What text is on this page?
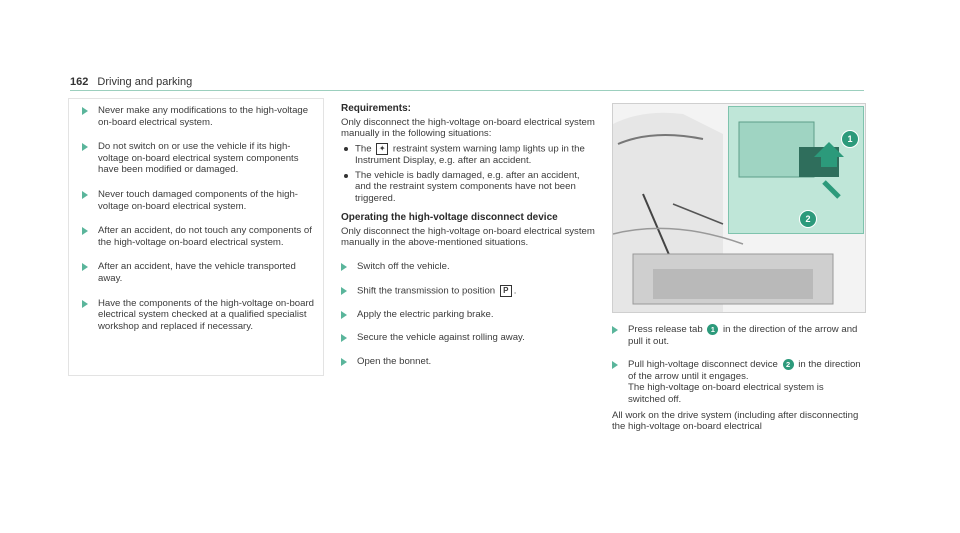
162 Driving and parking
Never make any modifications to the high-voltage on-board electrical system.
Do not switch on or use the vehicle if its high-voltage on-board electrical system components have been modified or damaged.
Never touch damaged components of the high-voltage on-board electrical system.
After an accident, do not touch any components of the high-voltage on-board electrical system.
After an accident, have the vehicle transported away.
Have the components of the high-voltage on-board electrical system checked at a qualified specialist workshop and replaced if necessary.
Requirements:
Only disconnect the high-voltage on-board electrical system manually in the following situations:
The ✦ restraint system warning lamp lights up in the Instrument Display, e.g. after an accident.
The vehicle is badly damaged, e.g. after an accident, and the restraint system components have not been triggered.
Operating the high-voltage disconnect device
Only disconnect the high-voltage on-board electrical system manually in the above-mentioned situations.
Switch off the vehicle.
Shift the transmission to position P .
Apply the electric parking brake.
Secure the vehicle against rolling away.
Open the bonnet.
1
2
Press release tab 1 in the direction of the arrow and pull it out.
Pull high-voltage disconnect device 2 in the direction of the arrow until it engages.
The high-voltage on-board electrical system is switched off.
All work on the drive system (including after disconnecting the high-voltage on-board electrical
